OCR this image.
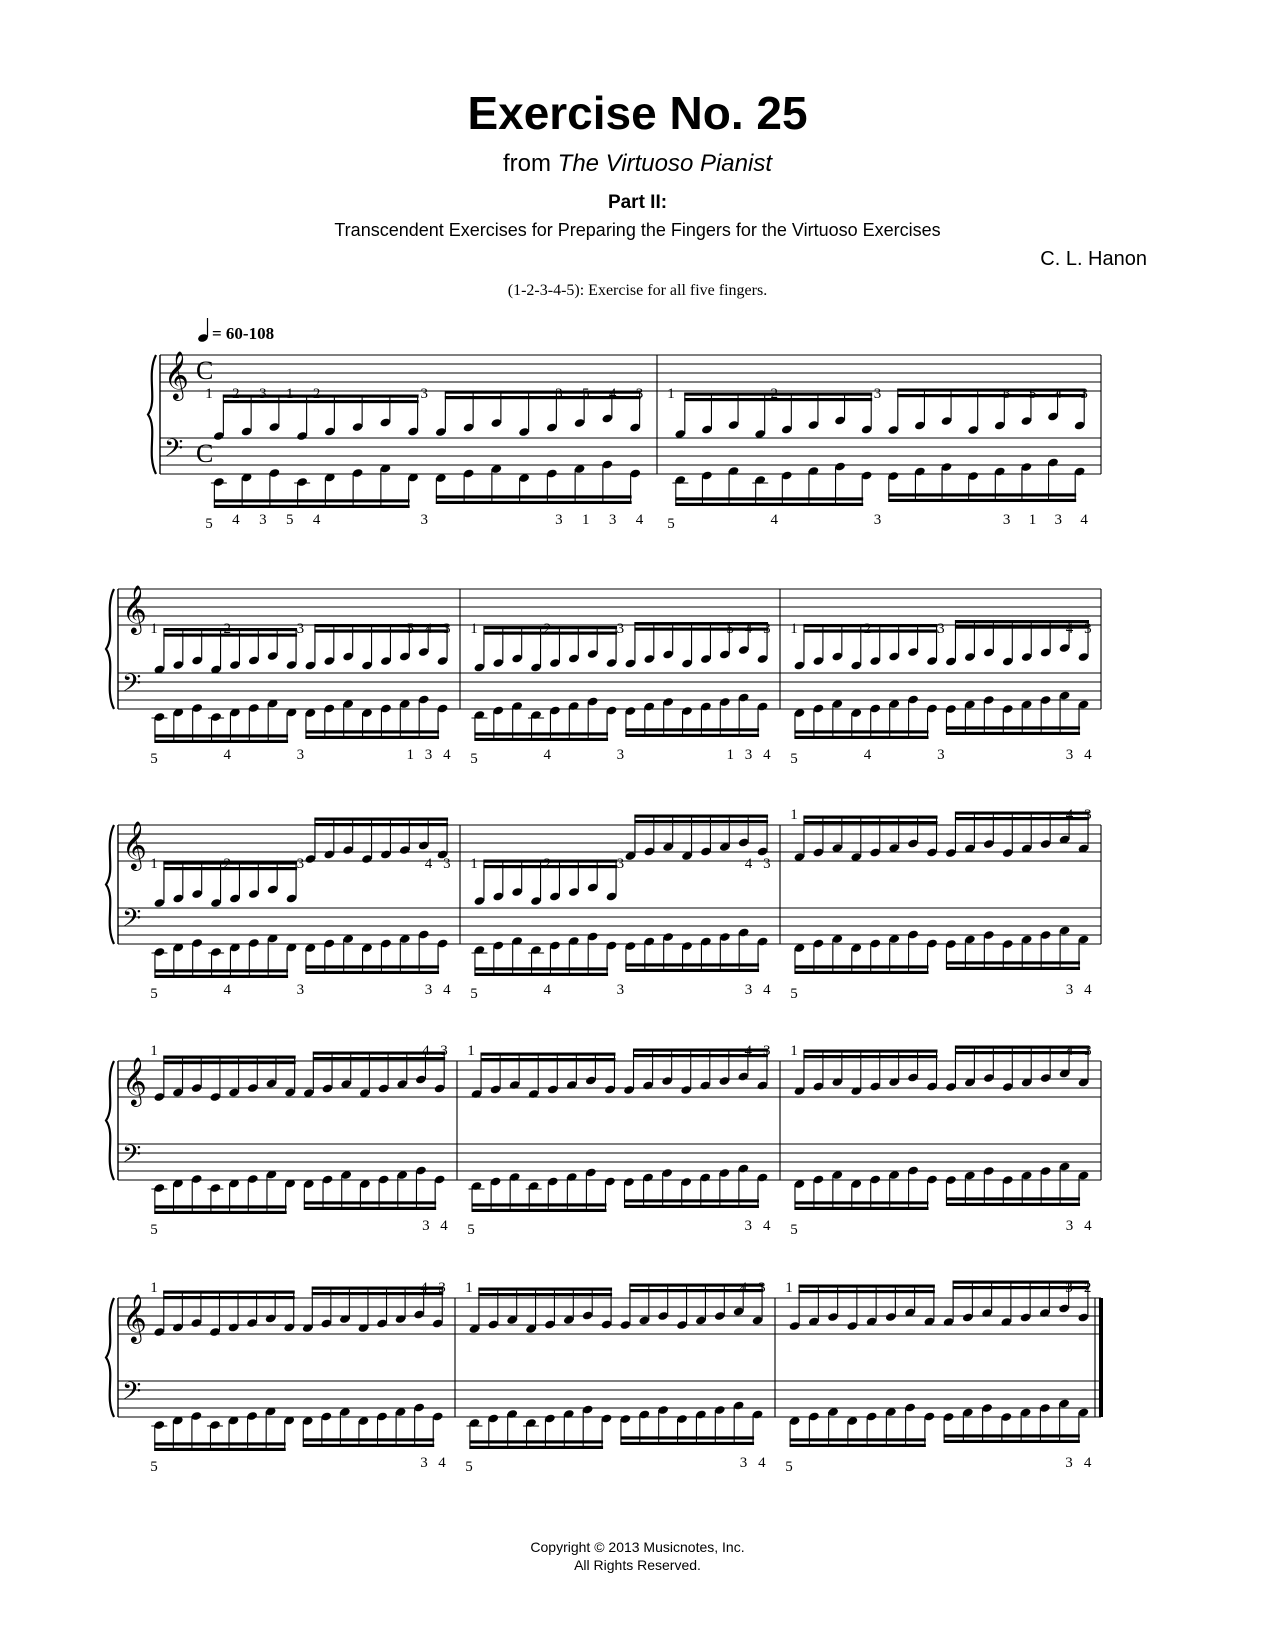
Exercise No. 25
from The Virtuoso Pianist
Part II:
Transcendent Exercises for Preparing the Fingers for the Virtuoso Exercises
C. L. Hanon
(1-2-3-4-5): Exercise for all five fingers.
= 60-108
𝄞
𝄢
C
C
1 2 3 1 2	3	3 5 4 3
5 4 3 5 4	3	3 1 3 4
1	2	3	3 5 4 3
5	4	3	3 1 3 4
𝄞
𝄢
1	2	3	5 4 3
5	4	3	1 3 4
1	2	3	5 4 3
5	4	3	1 3 4
1	2	3	4 3
5	4	3	3 4
𝄞
𝄢
1	2	3	4 3
5	4	3	3 4
1	2	3	4 3
5	4	3	3 4
1	4 3
5	3 4
𝄞
𝄢
1	4 3
5	3 4
1	4 3
5	3 4
1	4 3
5	3 4
𝄞
𝄢
1	4 3
5	3 4
1	4 3
5	3 4
1	3 2
5	3 4
Copyright © 2013 Musicnotes, Inc.
All Rights Reserved.
